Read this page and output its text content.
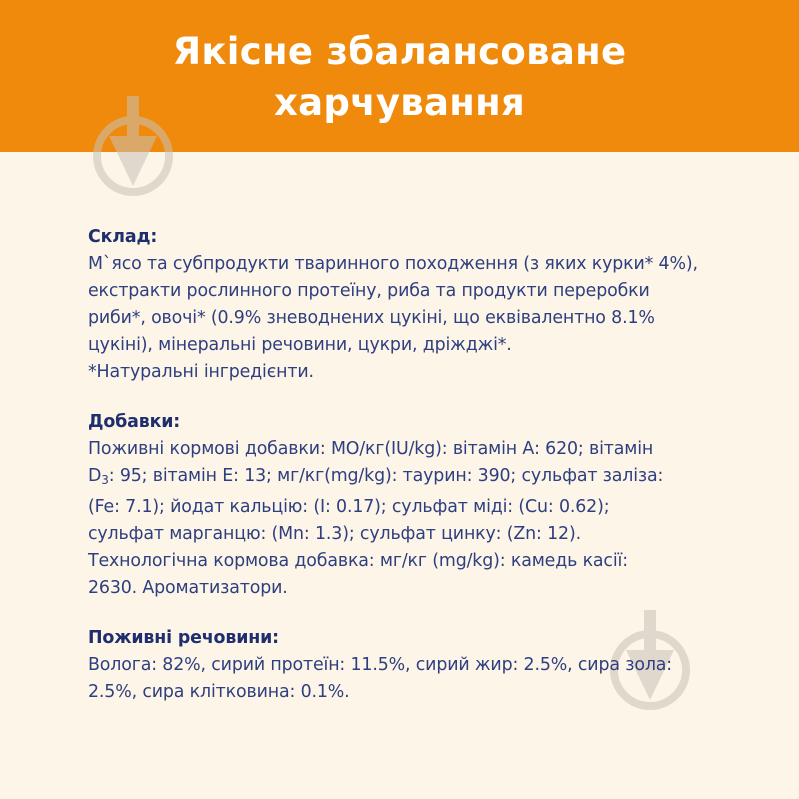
Якісне збалансоване
харчування
Склад:
М`ясо та субпродукти тваринного походження (з яких курки* 4%),
екстракти рослинного протеїну, риба та продукти переробки
риби*, овочі* (0.9% зневоднених цукіні, що еквівалентно 8.1%
цукіні), мінеральні речовини, цукри, дріжджі*.
*Натуральні інгредієнти.
Добавки:
Поживні кормові добавки: МО/кг(IU/kg): вітамін А: 620; вітамін
$D_3$: 95; вітамін Е: 13; мг/кг(mg/kg): таурин: 390; сульфат заліза:
(Fe: 7.1); йодат кальцію: (I: 0.17); сульфат міді: (Cu: 0.62);
сульфат марганцю: (Mn: 1.3); сульфат цинку: (Zn: 12).
Технологічна кормова добавка: мг/кг (mg/kg): камедь касії:
2630. Ароматизатори.
Поживні речовини:
Волога: 82%, сирий протеїн: 11.5%, сирий жир: 2.5%, сира зола:
2.5%, сира клітковина: 0.1%.
